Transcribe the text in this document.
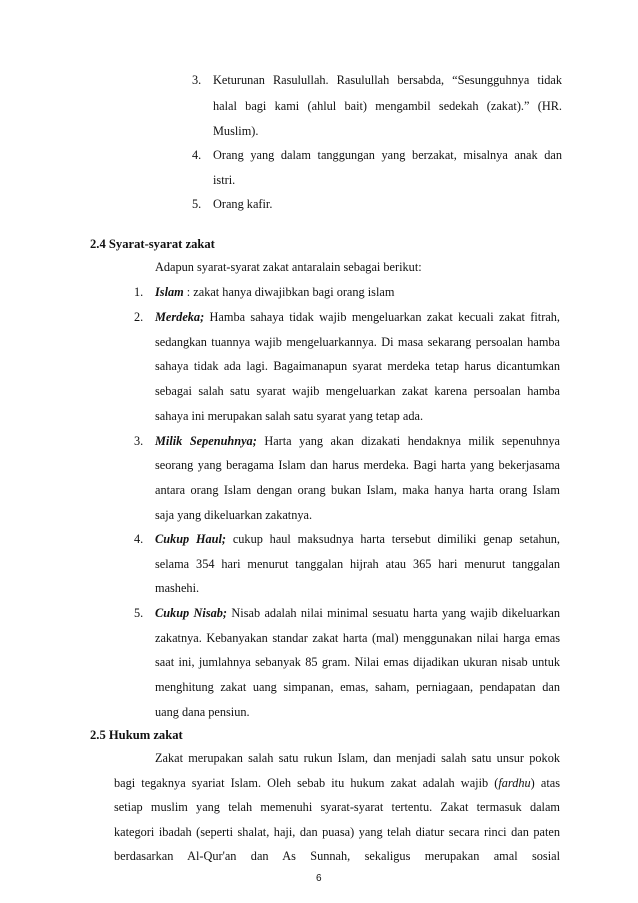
3. Keturunan Rasulullah. Rasulullah bersabda, “Sesungguhnya tidak
halal bagi kami (ahlul bait) mengambil sedekah (zakat).” (HR.
Muslim).
4. Orang yang dalam tanggungan yang berzakat, misalnya anak dan
istri.
5. Orang kafir.
2.4 Syarat-syarat zakat
Adapun syarat-syarat zakat antaralain sebagai berikut:
1. Islam : zakat hanya diwajibkan bagi orang islam
2. Merdeka; Hamba sahaya tidak wajib mengeluarkan zakat kecuali zakat fitrah,
sedangkan tuannya wajib mengeluarkannya. Di masa sekarang persoalan hamba
sahaya tidak ada lagi. Bagaimanapun syarat merdeka tetap harus dicantumkan
sebagai salah satu syarat wajib mengeluarkan zakat karena persoalan hamba
sahaya ini merupakan salah satu syarat yang tetap ada.
3. Milik Sepenuhnya; Harta yang akan dizakati hendaknya milik sepenuhnya
seorang yang beragama Islam dan harus merdeka. Bagi harta yang bekerjasama
antara orang Islam dengan orang bukan Islam, maka hanya harta orang Islam
saja yang dikeluarkan zakatnya.
4. Cukup Haul; cukup haul maksudnya harta tersebut dimiliki genap setahun,
selama 354 hari menurut tanggalan hijrah atau 365 hari menurut tanggalan
mashehi.
5. Cukup Nisab; Nisab adalah nilai minimal sesuatu harta yang wajib dikeluarkan
zakatnya. Kebanyakan standar zakat harta (mal) menggunakan nilai harga emas
saat ini, jumlahnya sebanyak 85 gram. Nilai emas dijadikan ukuran nisab untuk
menghitung zakat uang simpanan, emas, saham, perniagaan, pendapatan dan
uang dana pensiun.
2.5 Hukum zakat
Zakat merupakan salah satu rukun Islam, dan menjadi salah satu unsur pokok
bagi tegaknya syariat Islam. Oleh sebab itu hukum zakat adalah wajib (fardhu) atas
setiap muslim yang telah memenuhi syarat-syarat tertentu. Zakat termasuk dalam
kategori ibadah (seperti shalat, haji, dan puasa) yang telah diatur secara rinci dan paten
berdasarkan Al-Qur'an dan As Sunnah, sekaligus merupakan amal sosial
6
